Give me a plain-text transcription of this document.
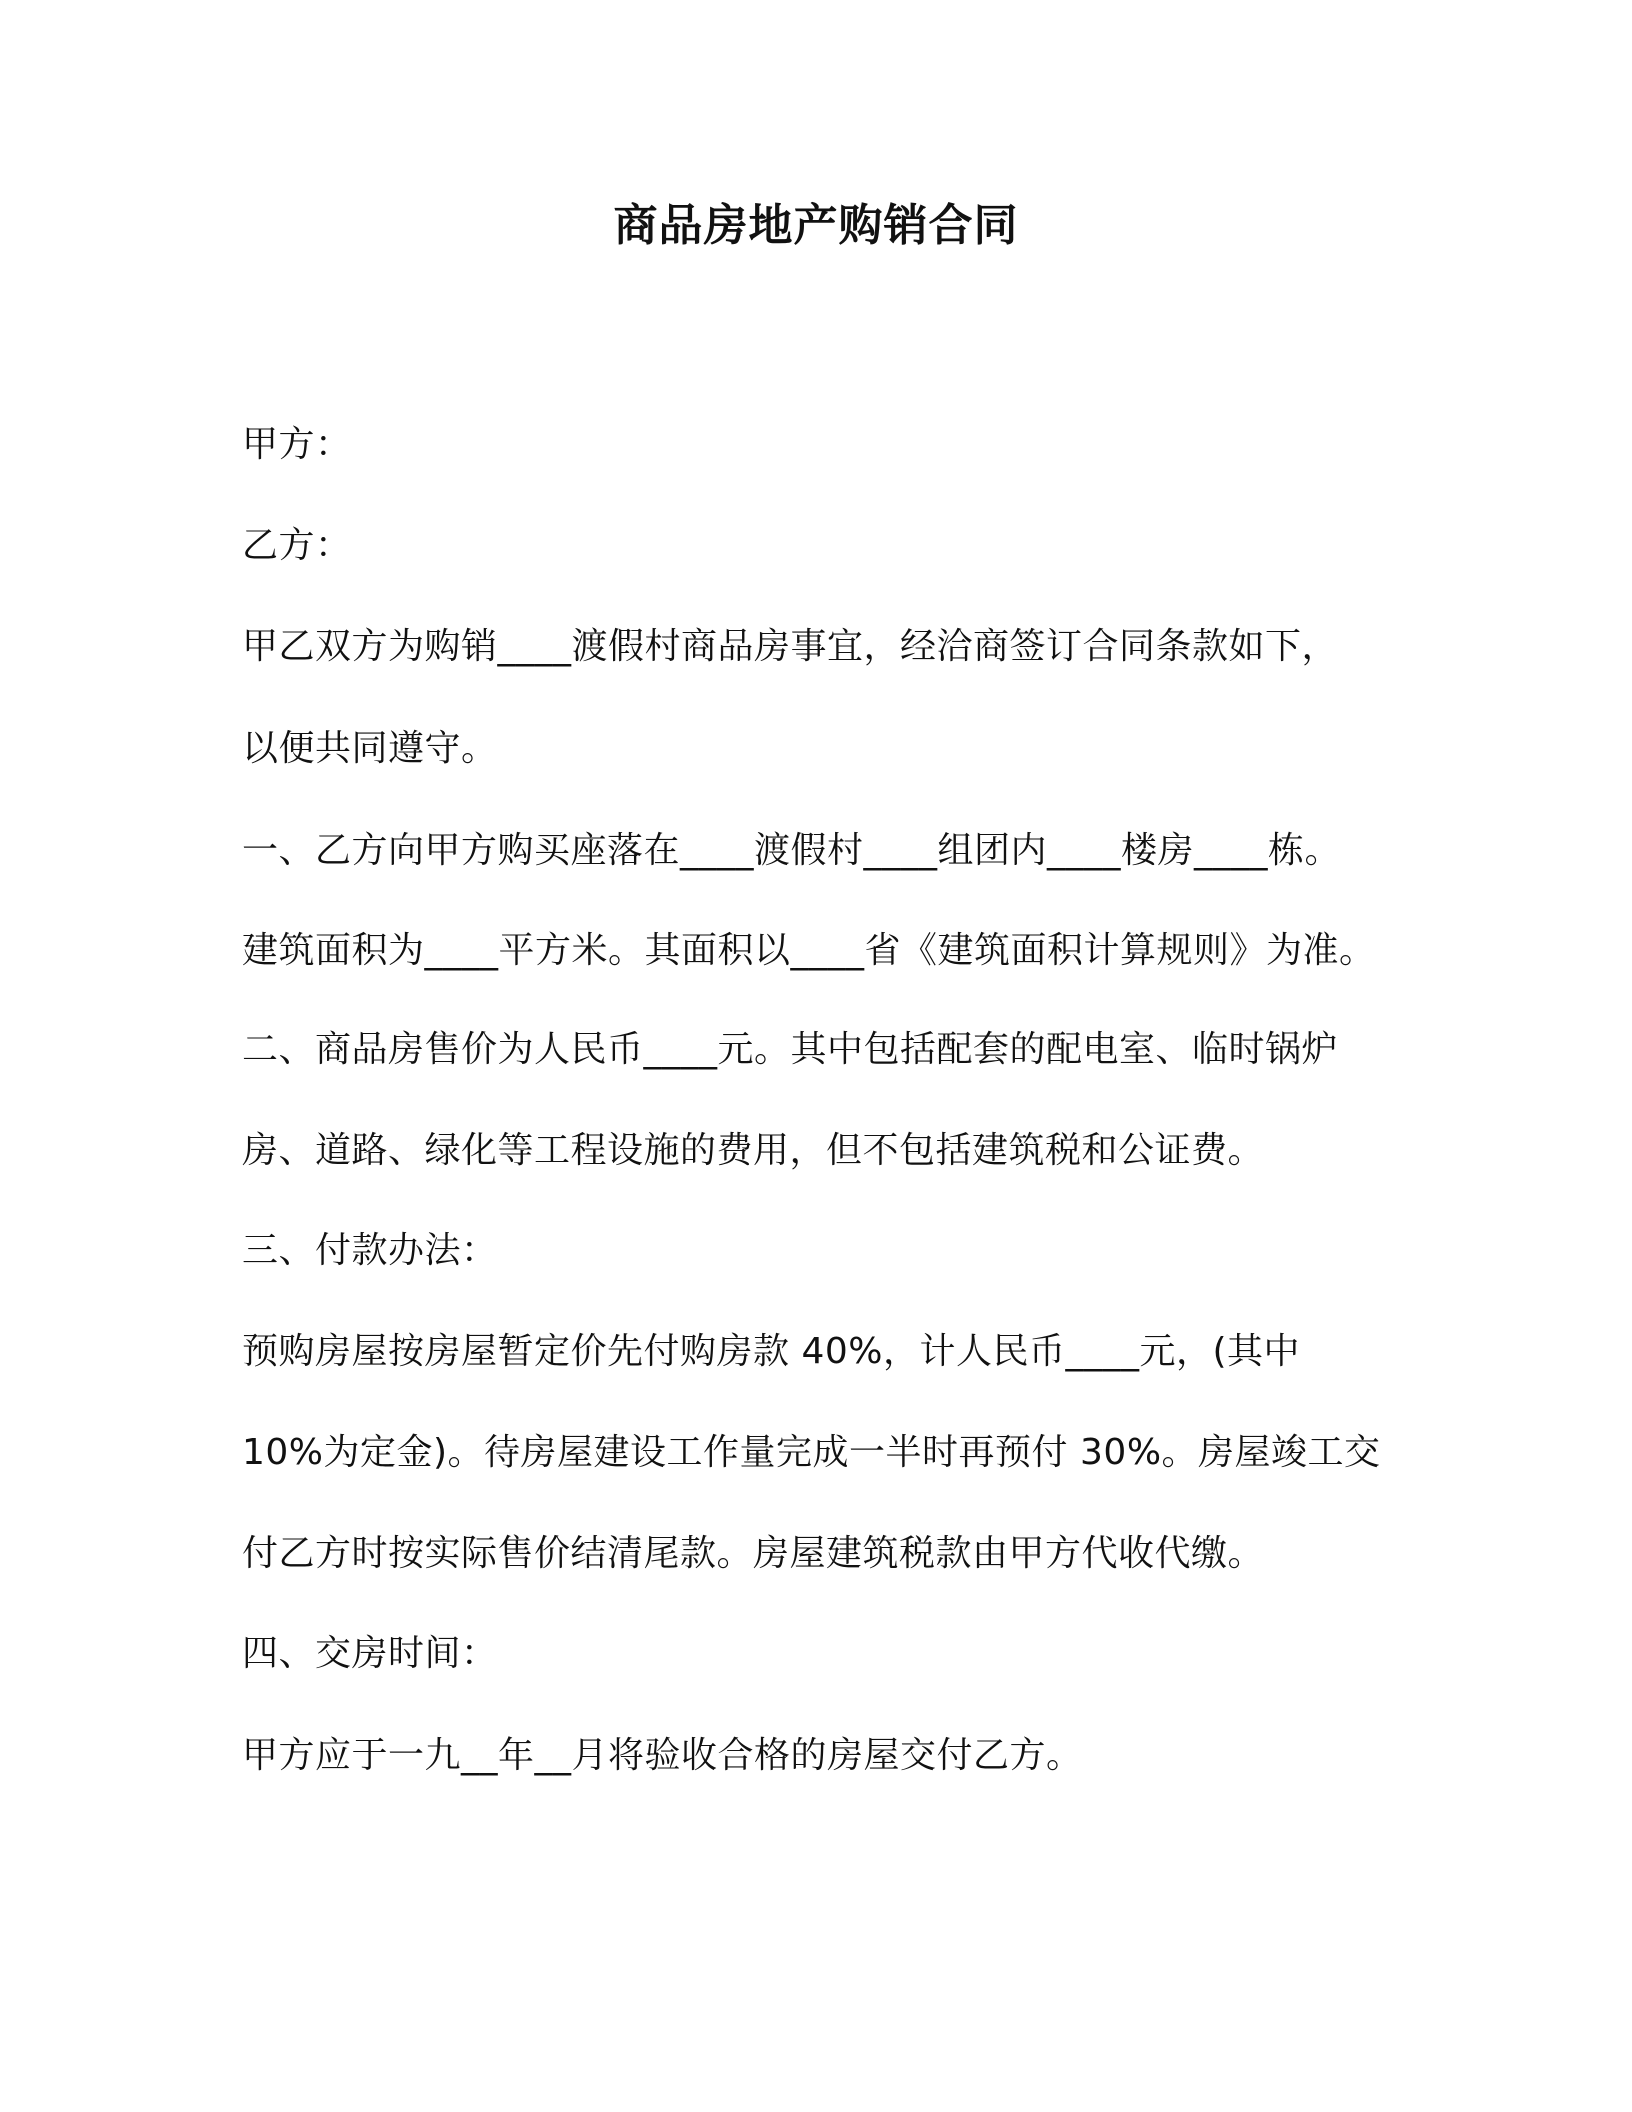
商品房地产购销合同
甲方：
乙方：
甲乙双方为购销____渡假村商品房事宜，经洽商签订合同条款如下，
以便共同遵守。
一、乙方向甲方购买座落在____渡假村____组团内____楼房____栋。
建筑面积为____平方米。其面积以____省《建筑面积计算规则》为准。
二、商品房售价为人民币____元。其中包括配套的配电室、临时锅炉
房、道路、绿化等工程设施的费用，但不包括建筑税和公证费。
三、付款办法：
预购房屋按房屋暂定价先付购房款 40%，计人民币____元，(其中
10%为定金)。待房屋建设工作量完成一半时再预付 30%。房屋竣工交
付乙方时按实际售价结清尾款。房屋建筑税款由甲方代收代缴。
四、交房时间：
甲方应于一九__年__月将验收合格的房屋交付乙方。
